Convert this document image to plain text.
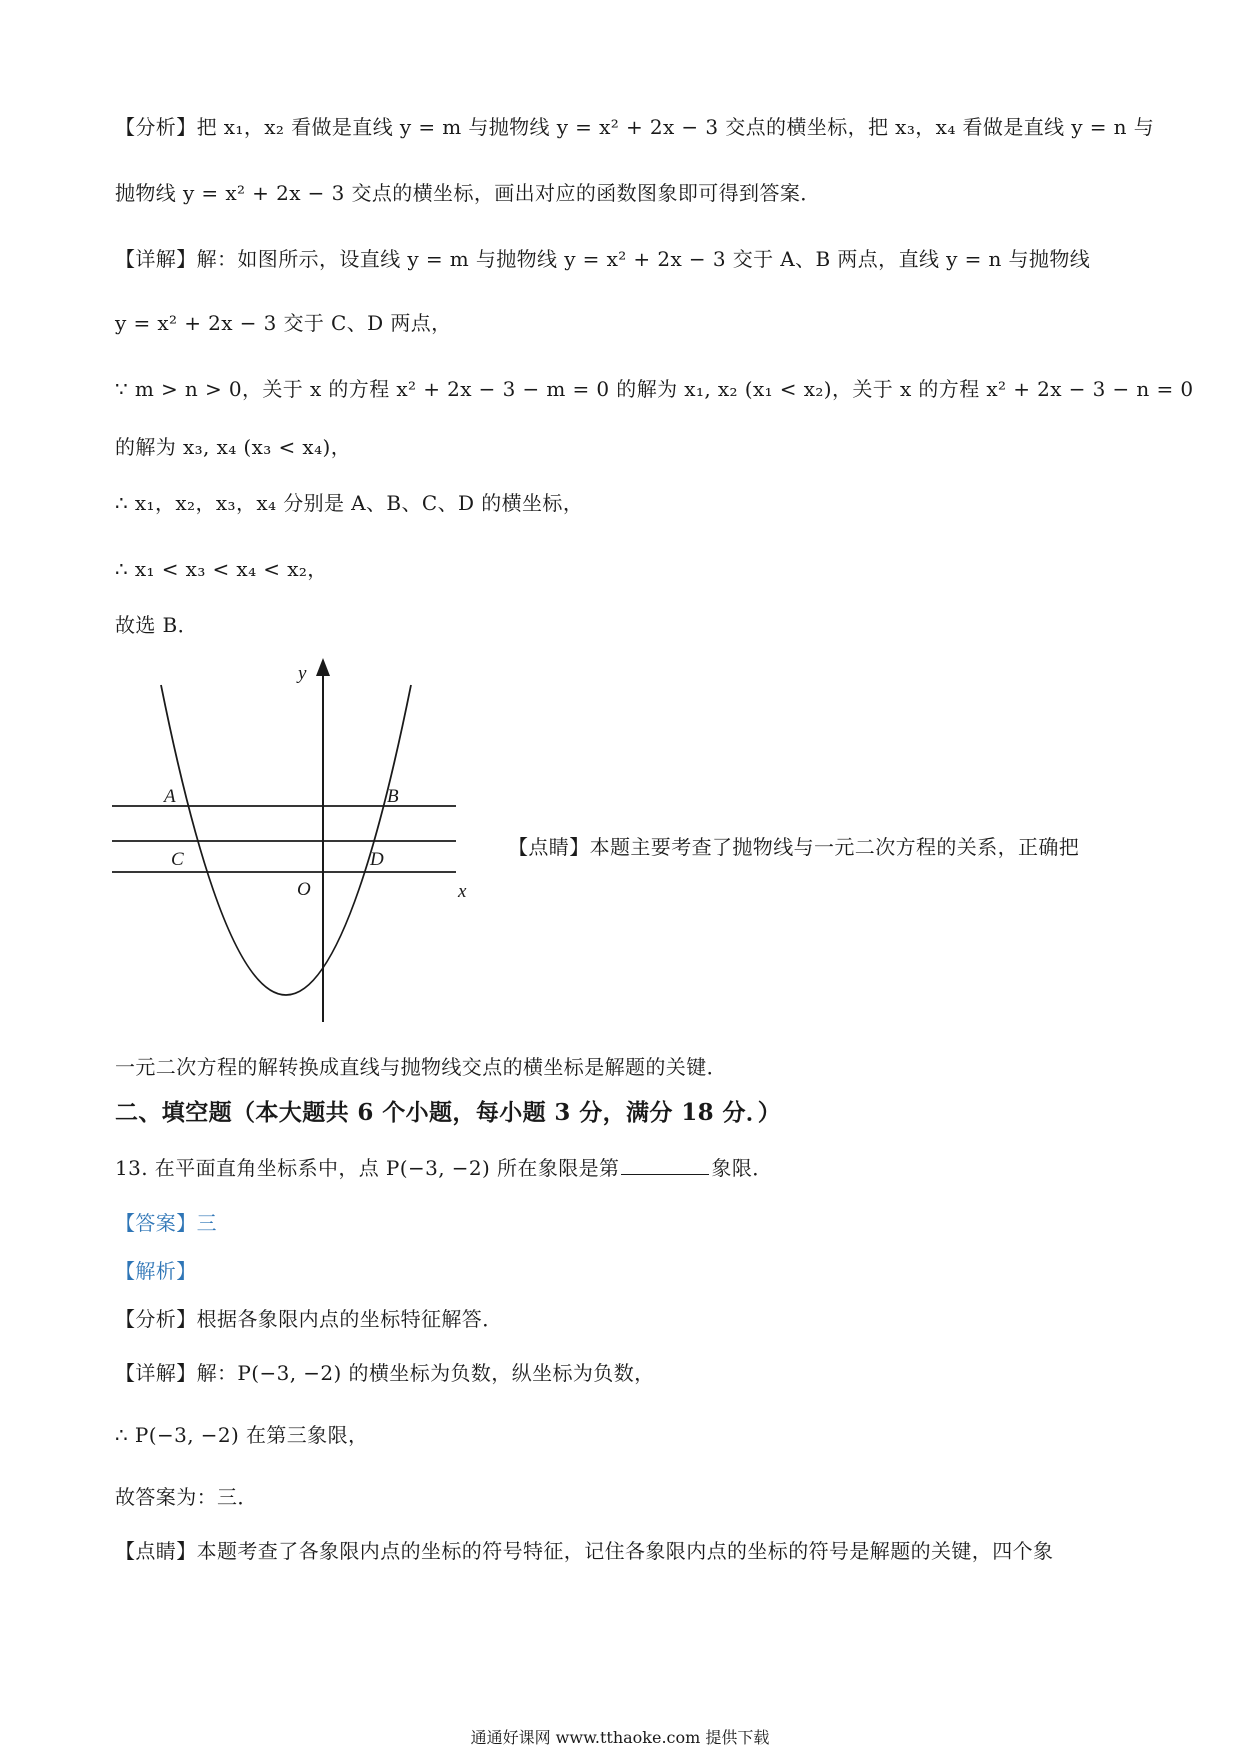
【分析】把 x₁，x₂ 看做是直线 y = m 与抛物线 y = x² + 2x − 3 交点的横坐标，把 x₃，x₄ 看做是直线 y = n 与
抛物线 y = x² + 2x − 3 交点的横坐标，画出对应的函数图象即可得到答案．
【详解】解：如图所示，设直线 y = m 与抛物线 y = x² + 2x − 3 交于 A、B 两点，直线 y = n 与抛物线
y = x² + 2x − 3 交于 C、D 两点，
∵ m > n > 0，关于 x 的方程 x² + 2x − 3 − m = 0 的解为 x₁, x₂ (x₁ < x₂)，关于 x 的方程 x² + 2x − 3 − n = 0
的解为 x₃, x₄ (x₃ < x₄)，
∴ x₁，x₂，x₃，x₄ 分别是 A、B、C、D 的横坐标，
∴ x₁ < x₃ < x₄ < x₂，
故选 B．
y
x
O
A	B
C	D
【点睛】本题主要考查了抛物线与一元二次方程的关系，正确把
一元二次方程的解转换成直线与抛物线交点的横坐标是解题的关键．
二、填空题（本大题共 6 个小题，每小题 3 分，满分 18 分．）
13. 在平面直角坐标系中，点 P(−3, −2) 所在象限是第	象限．
【答案】三
【解析】
【分析】根据各象限内点的坐标特征解答．
【详解】解：P(−3, −2) 的横坐标为负数，纵坐标为负数，
∴ P(−3, −2) 在第三象限，
故答案为：三．
【点睛】本题考查了各象限内点的坐标的符号特征，记住各象限内点的坐标的符号是解题的关键，四个象
通通好课网 www.tthaoke.com 提供下载
